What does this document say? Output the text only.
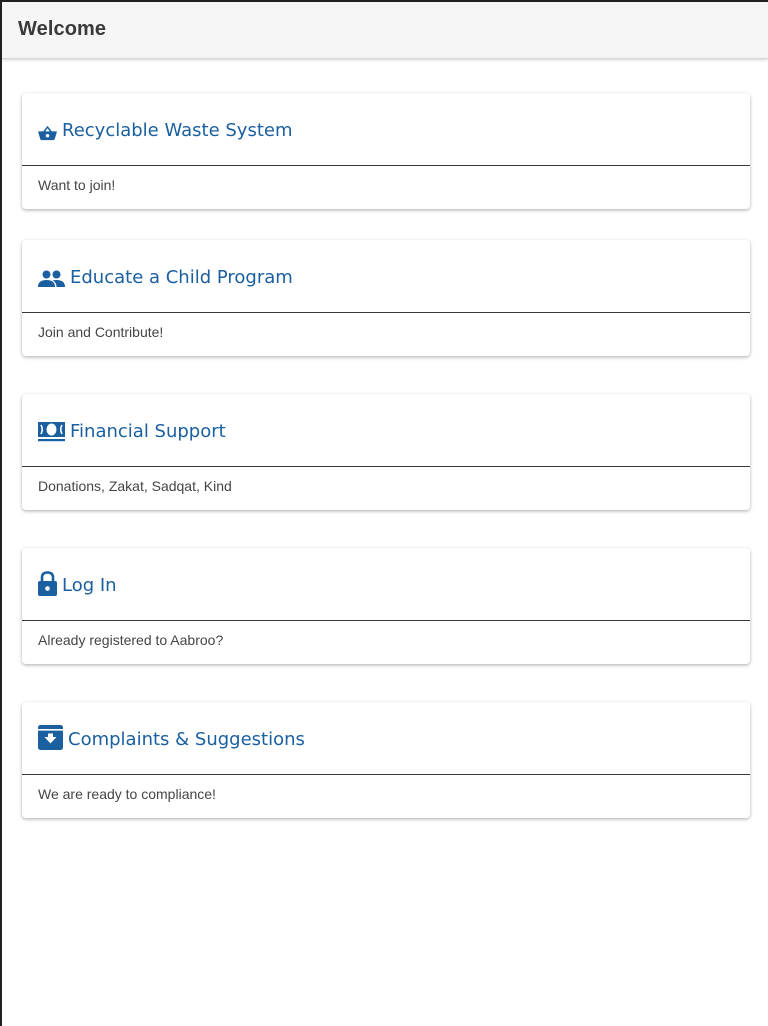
Welcome
Recyclable Waste System
Want to join!
Educate a Child Program
Join and Contribute!
Financial Support
Donations, Zakat, Sadqat, Kind
Log In
Already registered to Aabroo?
Complaints & Suggestions
We are ready to compliance!
